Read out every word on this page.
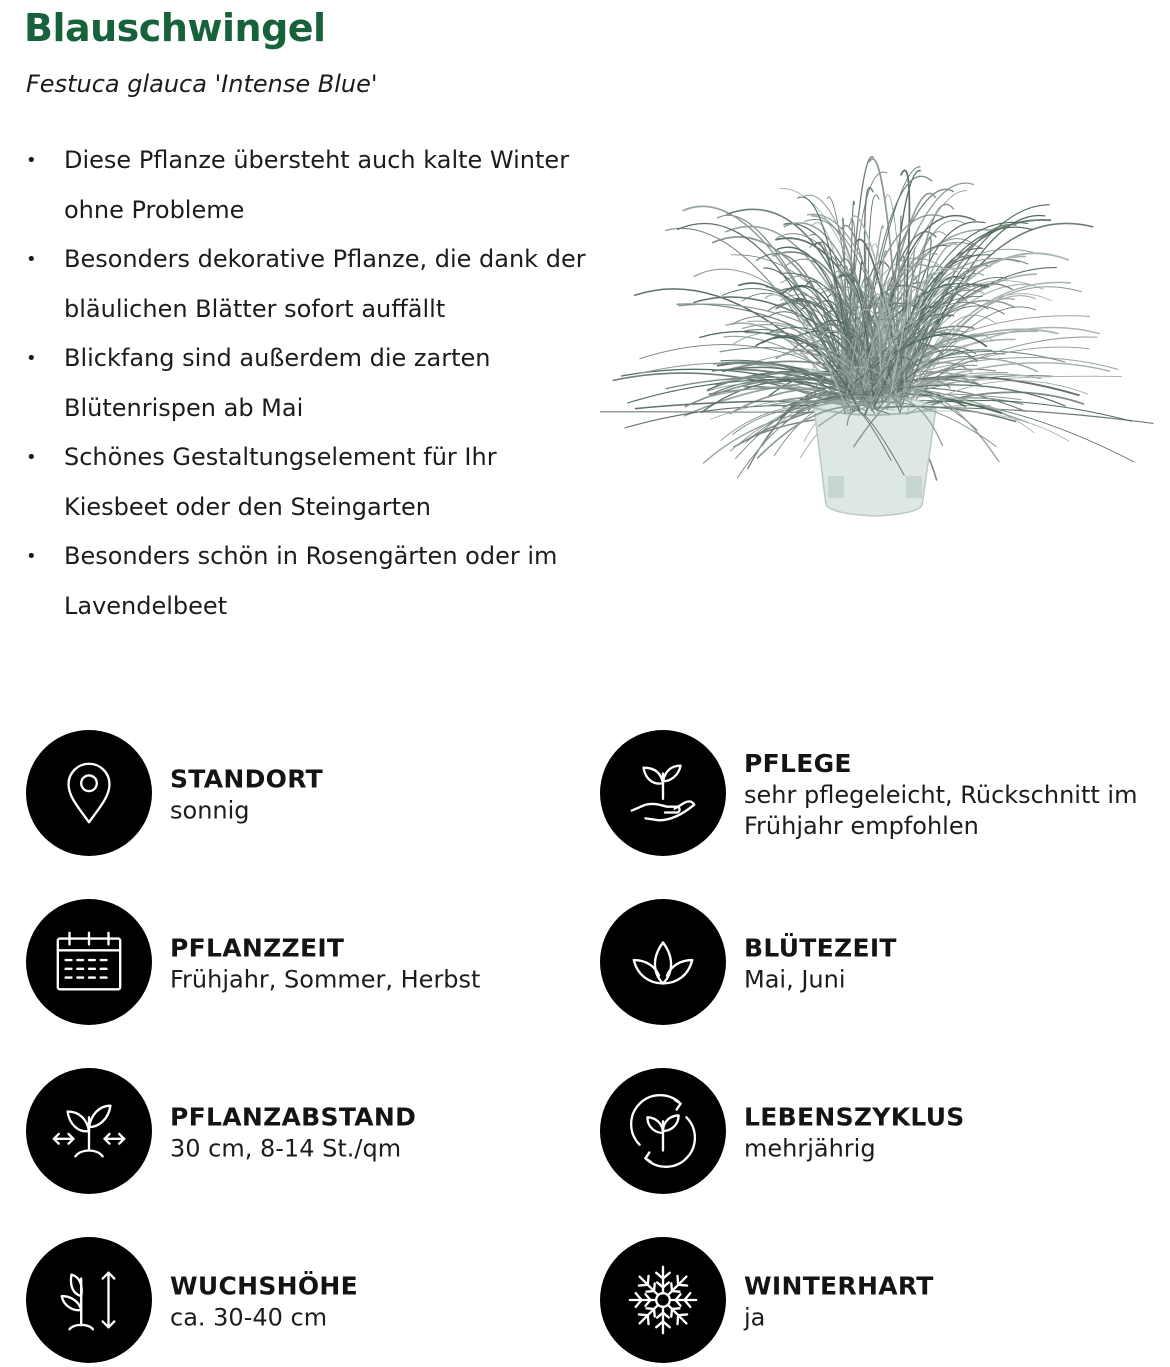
Blauschwingel

Festuca glauca 'Intense Blue'

• Diese Pflanze übersteht auch kalte Winter ohne Probleme
• Besonders dekorative Pflanze, die dank der bläulichen Blätter sofort auffällt
• Blickfang sind außerdem die zarten Blütenrispen ab Mai
• Schönes Gestaltungselement für Ihr Kiesbeet oder den Steingarten
• Besonders schön in Rosengärten oder im Lavendelbeet
STANDORT
sonnig
PFLEGE
sehr pflegeleicht, Rückschnitt im Frühjahr empfohlen
PFLANZZEIT
Frühjahr, Sommer, Herbst
BLÜTEZEIT
Mai, Juni
PFLANZABSTAND
30 cm, 8-14 St./qm
LEBENSZYKLUS
mehrjährig
WUCHSHÖHE
ca. 30-40 cm
WINTERHART
ja
